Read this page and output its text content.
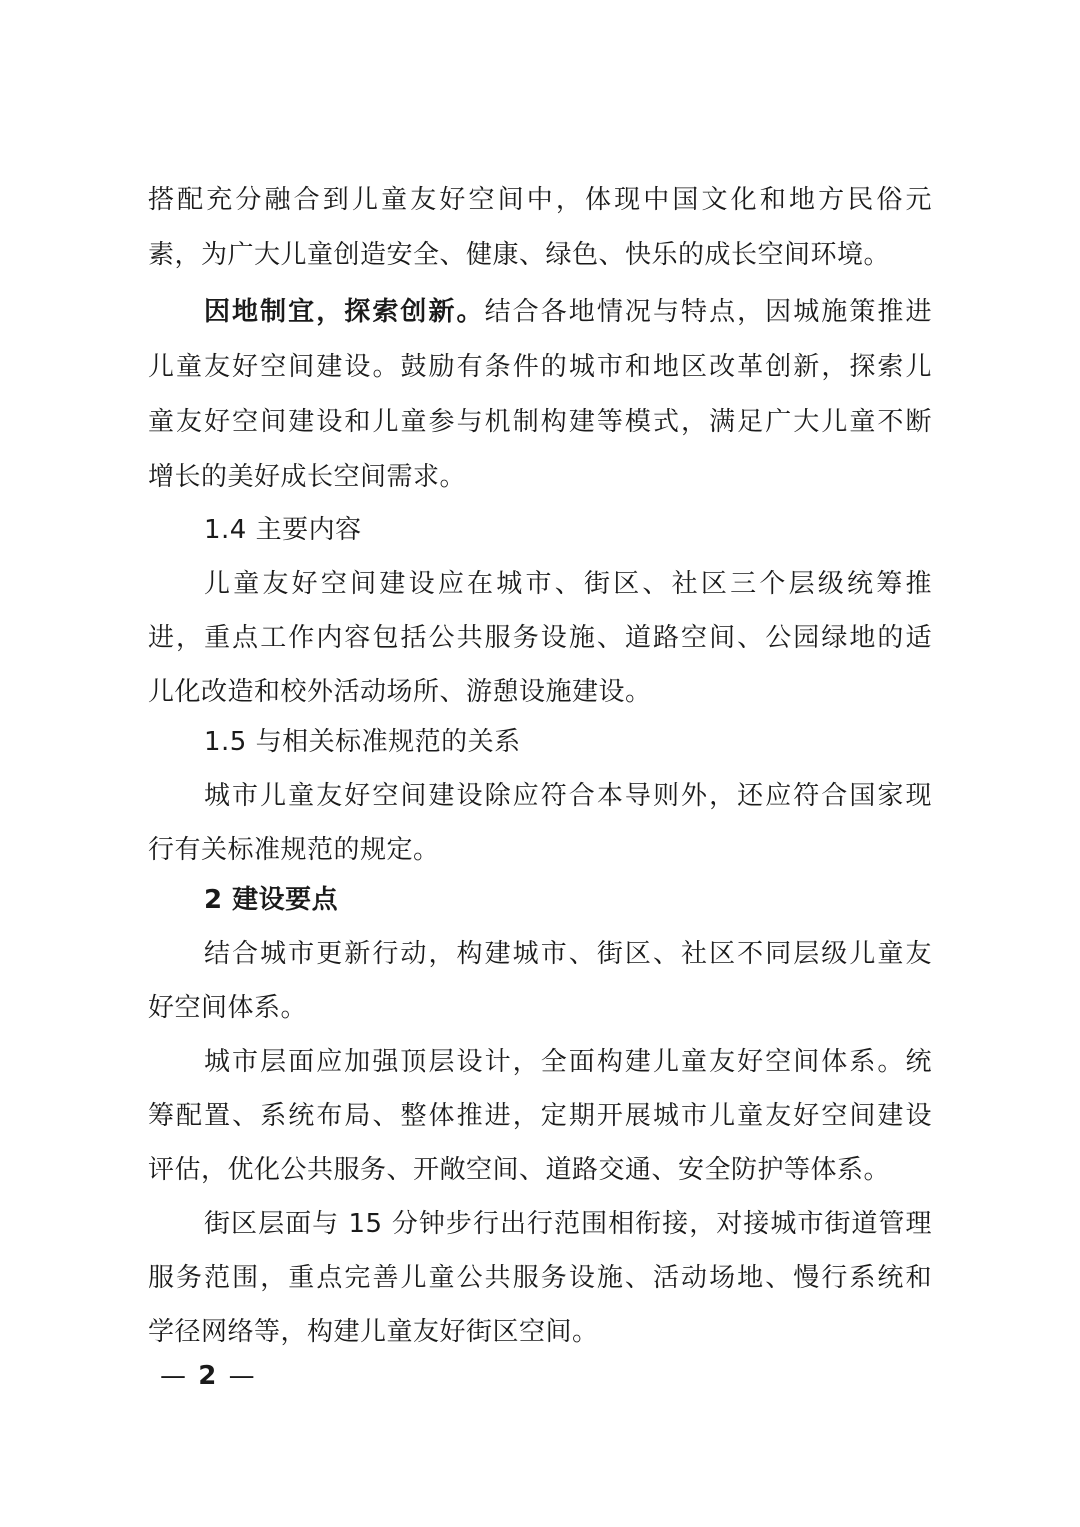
搭配充分融合到儿童友好空间中，体现中国文化和地方民俗元
素，为广大儿童创造安全、健康、绿色、快乐的成长空间环境。
因地制宜，探索创新。结合各地情况与特点，因城施策推进
儿童友好空间建设。鼓励有条件的城市和地区改革创新，探索儿
童友好空间建设和儿童参与机制构建等模式，满足广大儿童不断
增长的美好成长空间需求。
1.4 主要内容
儿童友好空间建设应在城市、街区、社区三个层级统筹推
进，重点工作内容包括公共服务设施、道路空间、公园绿地的适
儿化改造和校外活动场所、游憩设施建设。
1.5 与相关标准规范的关系
城市儿童友好空间建设除应符合本导则外，还应符合国家现
行有关标准规范的规定。
2 建设要点
结合城市更新行动，构建城市、街区、社区不同层级儿童友
好空间体系。
城市层面应加强顶层设计，全面构建儿童友好空间体系。统
筹配置、系统布局、整体推进，定期开展城市儿童友好空间建设
评估，优化公共服务、开敞空间、道路交通、安全防护等体系。
街区层面与 15 分钟步行出行范围相衔接，对接城市街道管理
服务范围，重点完善儿童公共服务设施、活动场地、慢行系统和
学径网络等，构建儿童友好街区空间。
— 2 —
